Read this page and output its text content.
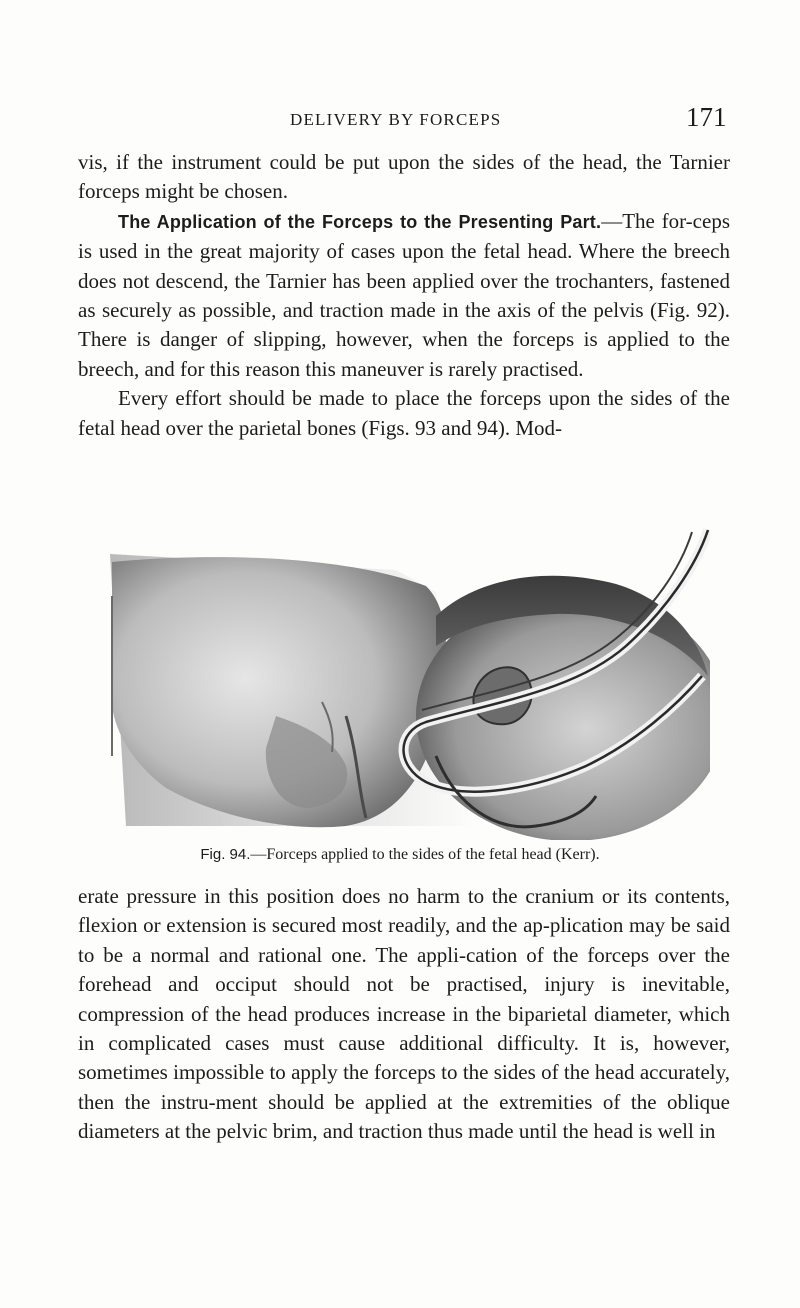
DELIVERY BY FORCEPS	171

vis, if the instrument could be put upon the sides of the head, the Tarnier forceps might be chosen.

The Application of the Forceps to the Presenting Part.—The for-ceps is used in the great majority of cases upon the fetal head. Where the breech does not descend, the Tarnier has been applied over the trochanters, fastened as securely as possible, and traction made in the axis of the pelvis (Fig. 92). There is danger of slipping, however, when the forceps is applied to the breech, and for this reason this maneuver is rarely practised.

Every effort should be made to place the forceps upon the sides of the fetal head over the parietal bones (Figs. 93 and 94). Mod-

Fig. 94.—Forceps applied to the sides of the fetal head (Kerr).

erate pressure in this position does no harm to the cranium or its contents, flexion or extension is secured most readily, and the ap-plication may be said to be a normal and rational one. The appli-cation of the forceps over the forehead and occiput should not be practised, injury is inevitable, compression of the head produces increase in the biparietal diameter, which in complicated cases must cause additional difficulty. It is, however, sometimes impossible to apply the forceps to the sides of the head accurately, then the instru-ment should be applied at the extremities of the oblique diameters at the pelvic brim, and traction thus made until the head is well in
